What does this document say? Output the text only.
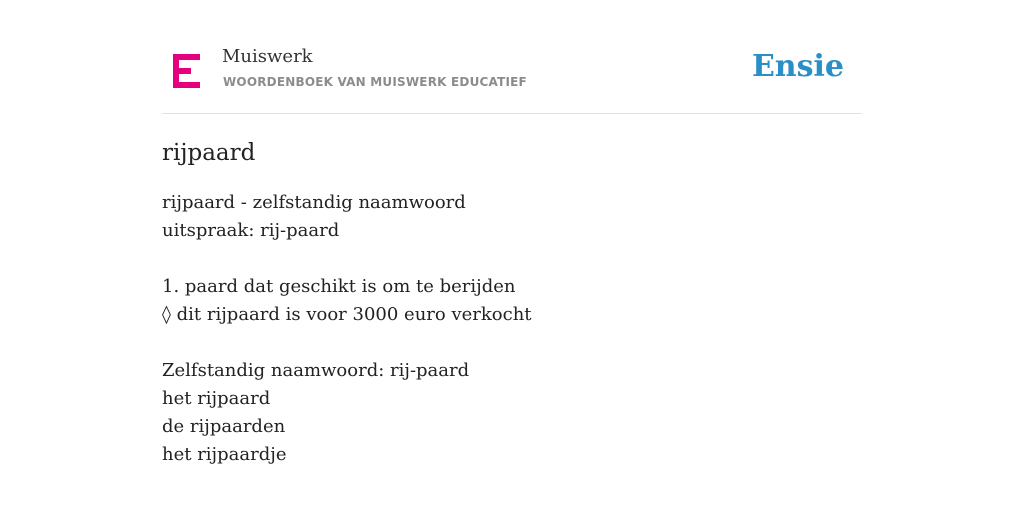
Muiswerk
WOORDENBOEK VAN MUISWERK EDUCATIEF	Ensie
rijpaard
rijpaard - zelfstandig naamwoord
uitspraak: rij-paard
1. paard dat geschikt is om te berijden
◊ dit rijpaard is voor 3000 euro verkocht
Zelfstandig naamwoord: rij-paard
het rijpaard
de rijpaarden
het rijpaardje
